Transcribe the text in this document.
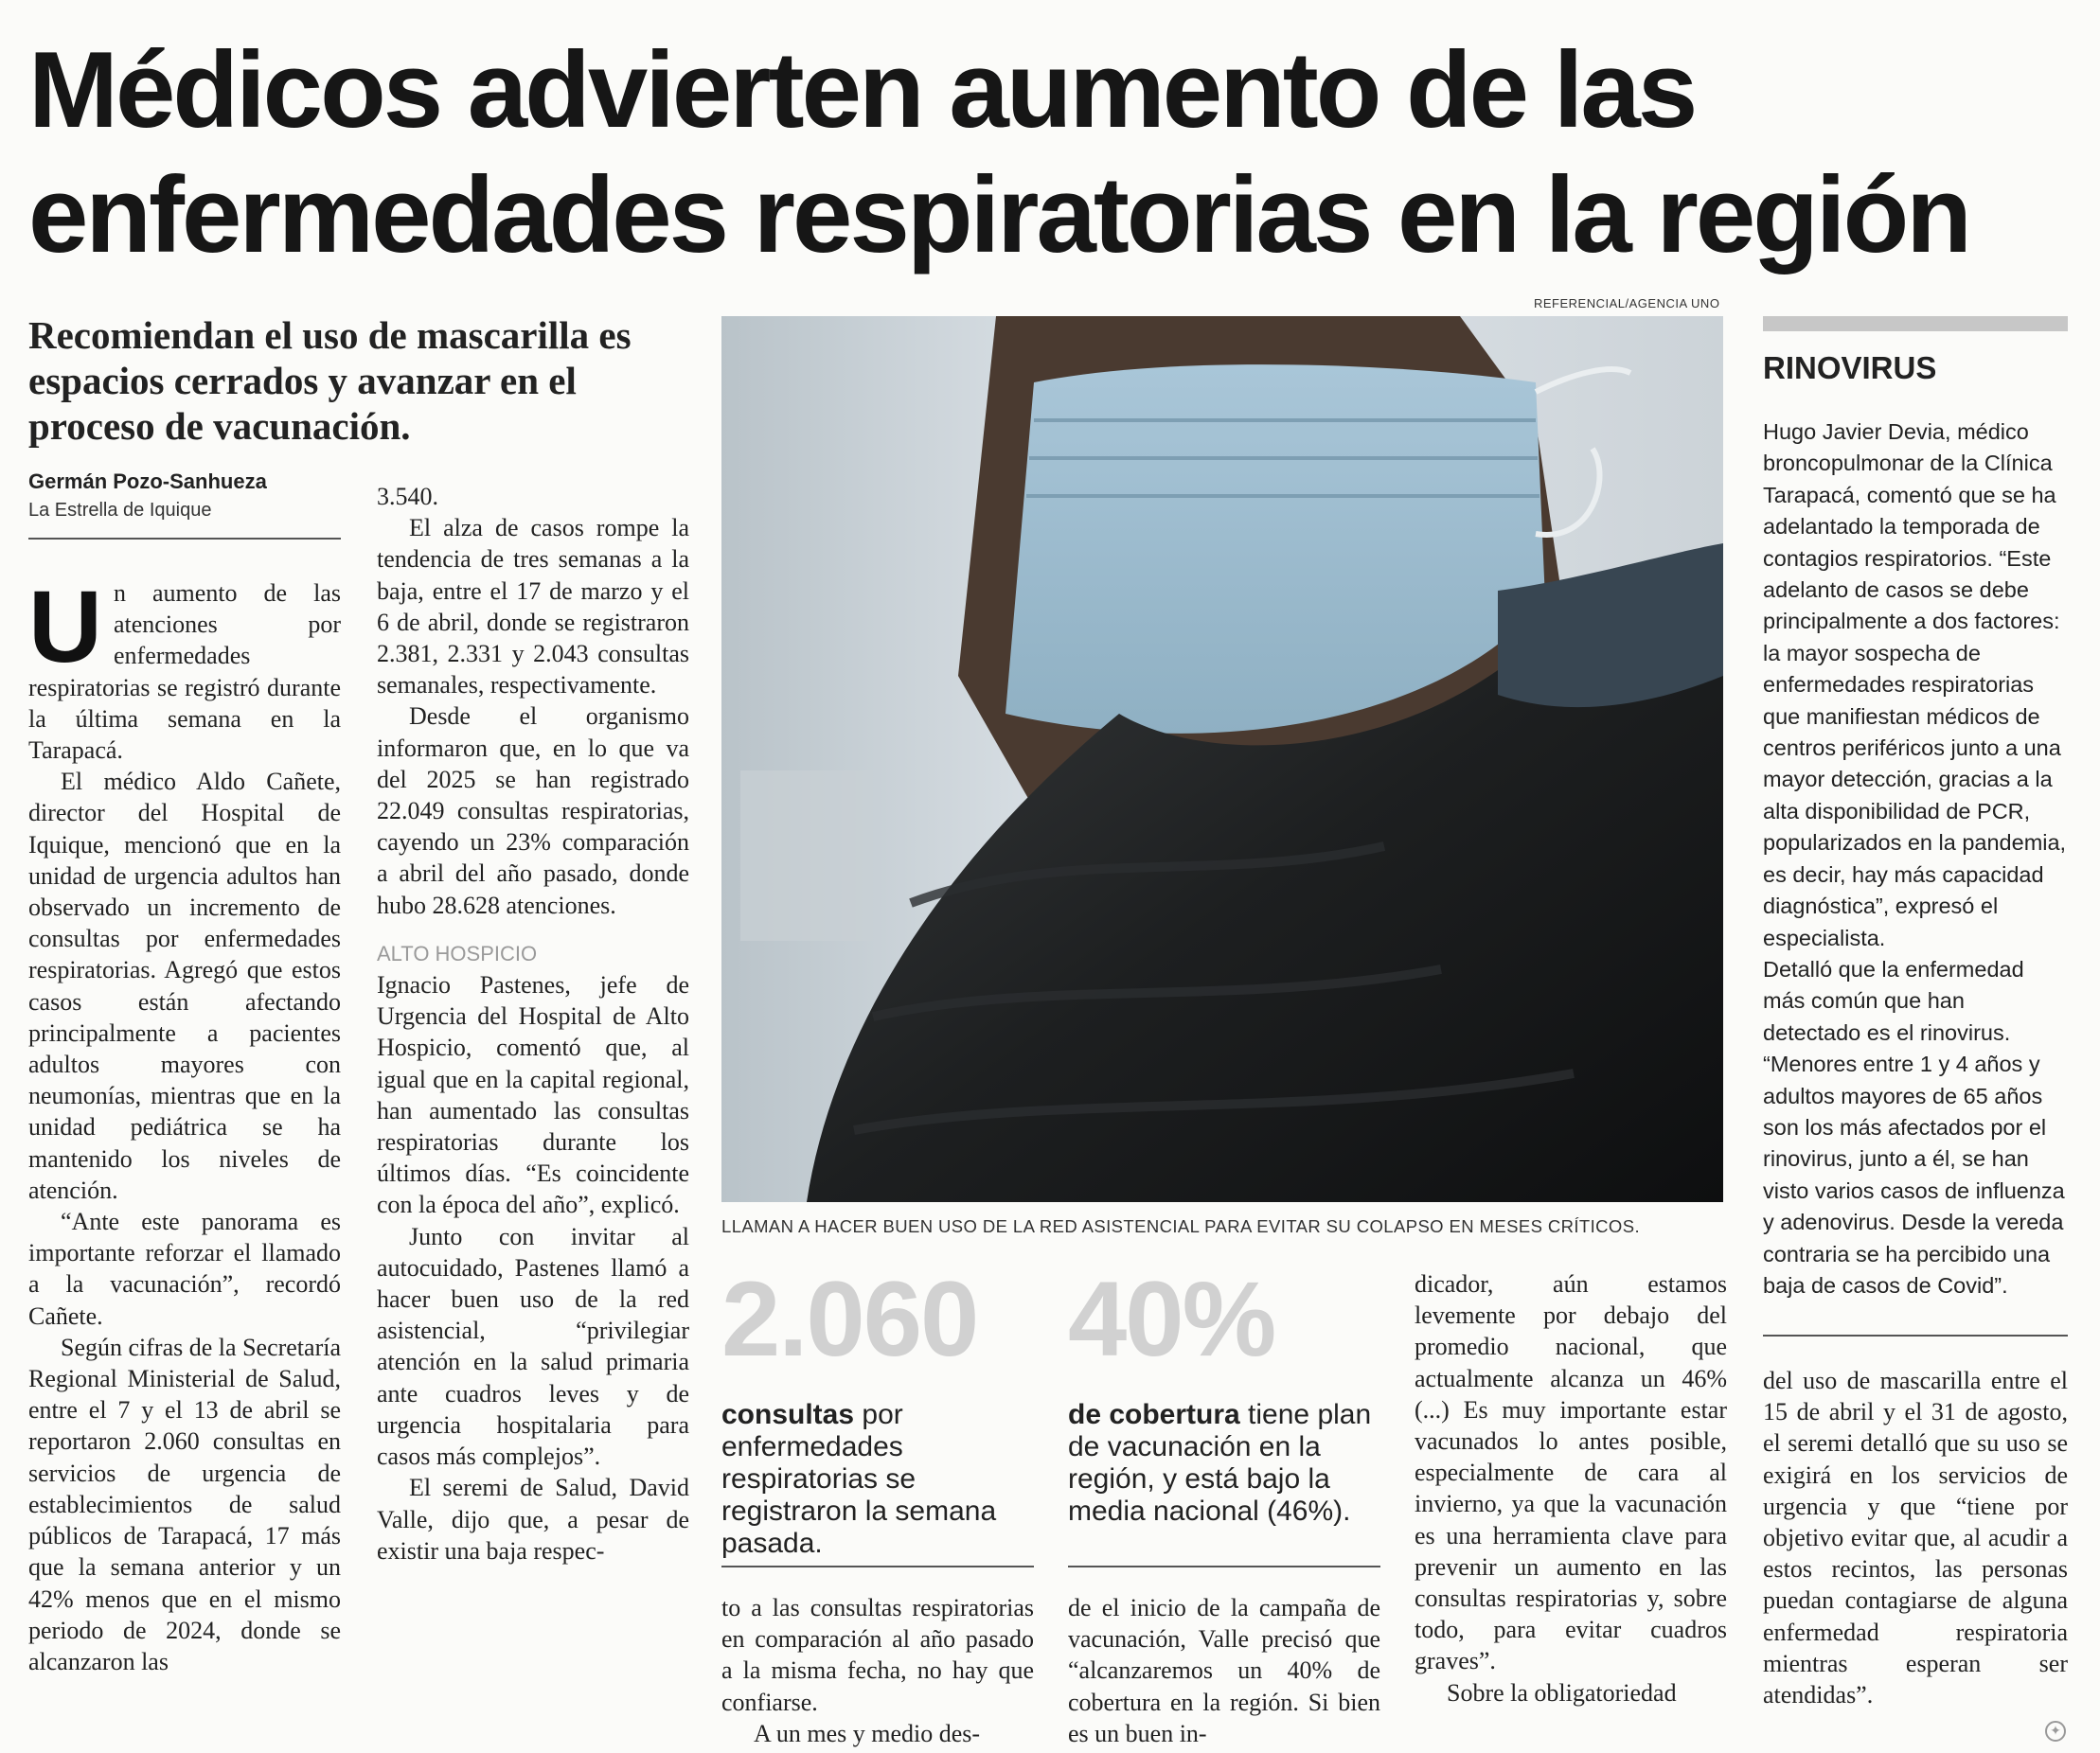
Médicos advierten aumento de las enfermedades respiratorias en la región
Recomiendan el uso de mascarilla es espacios cerrados y avanzar en el proceso de vacunación.
Germán Pozo-Sanhueza
La Estrella de Iquique

Un aumento de las atenciones por enfermedades respiratorias se registró durante la última semana en la Tarapacá.

El médico Aldo Cañete, director del Hospital de Iquique, mencionó que en la unidad de urgencia adultos han observado un incremento de consultas por enfermedades respiratorias. Agregó que estos casos están afectando principalmente a pacientes adultos mayores con neumonías, mientras que en la unidad pediátrica se ha mantenido los niveles de atención.

“Ante este panorama es importante reforzar el llamado a la vacunación”, recordó Cañete.

Según cifras de la Secretaría Regional Ministerial de Salud, entre el 7 y el 13 de abril se reportaron 2.060 consultas en servicios de urgencia de establecimientos de salud públicos de Tarapacá, 17 más que la semana anterior y un 42% menos que en el mismo periodo de 2024, donde se alcanzaron las

3.540.

El alza de casos rompe la tendencia de tres semanas a la baja, entre el 17 de marzo y el 6 de abril, donde se registraron 2.381, 2.331 y 2.043 consultas semanales, respectivamente.

Desde el organismo informaron que, en lo que va del 2025 se han registrado 22.049 consultas respiratorias, cayendo un 23% comparación a abril del año pasado, donde hubo 28.628 atenciones.

ALTO HOSPICIO

Ignacio Pastenes, jefe de Urgencia del Hospital de Alto Hospicio, comentó que, al igual que en la capital regional, han aumentado las consultas respiratorias durante los últimos días. “Es coincidente con la época del año”, explicó.

Junto con invitar al autocuidado, Pastenes llamó a hacer buen uso de la red asistencial, “privilegiar atención en la salud primaria ante cuadros leves y de urgencia hospitalaria para casos más complejos”.

El seremi de Salud, David Valle, dijo que, a pesar de existir una baja respec-

REFERENCIAL/AGENCIA UNO
LLAMAN A HACER BUEN USO DE LA RED ASISTENCIAL PARA EVITAR SU COLAPSO EN MESES CRÍTICOS.
2.060
consultas por enfermedades respiratorias se registraron la semana pasada.
40%
de cobertura tiene plan de vacunación en la región, y está bajo la media nacional (46%).

to a las consultas respiratorias en comparación al año pasado a la misma fecha, no hay que confiarse.

A un mes y medio des-

de el inicio de la campaña de vacunación, Valle precisó que “alcanzaremos un 40% de cobertura en la región. Si bien es un buen in-

dicador, aún estamos levemente por debajo del promedio nacional, que actualmente alcanza un 46% (...) Es muy importante estar vacunados lo antes posible, especialmente de cara al invierno, ya que la vacunación es una herramienta clave para prevenir un aumento en las consultas respiratorias y, sobre todo, para evitar cuadros graves”.

Sobre la obligatoriedad

RINOVIRUS

Hugo Javier Devia, médico broncopulmonar de la Clínica Tarapacá, comentó que se ha adelantado la temporada de contagios respiratorios. “Este adelanto de casos se debe principalmente a dos factores: la mayor sospecha de enfermedades respiratorias que manifiestan médicos de centros periféricos junto a una mayor detección, gracias a la alta disponibilidad de PCR, popularizados en la pandemia, es decir, hay más capacidad diagnóstica”, expresó el especialista.

Detalló que la enfermedad más común que han detectado es el rinovirus. “Menores entre 1 y 4 años y adultos mayores de 65 años son los más afectados por el rinovirus, junto a él, se han visto varios casos de influenza y adenovirus. Desde la vereda contraria se ha percibido una baja de casos de Covid”.

del uso de mascarilla entre el 15 de abril y el 31 de agosto, el seremi detalló que su uso se exigirá en los servicios de urgencia y que “tiene por objetivo evitar que, al acudir a estos recintos, las personas puedan contagiarse de alguna enfermedad respiratoria mientras esperan ser atendidas”.

✦
